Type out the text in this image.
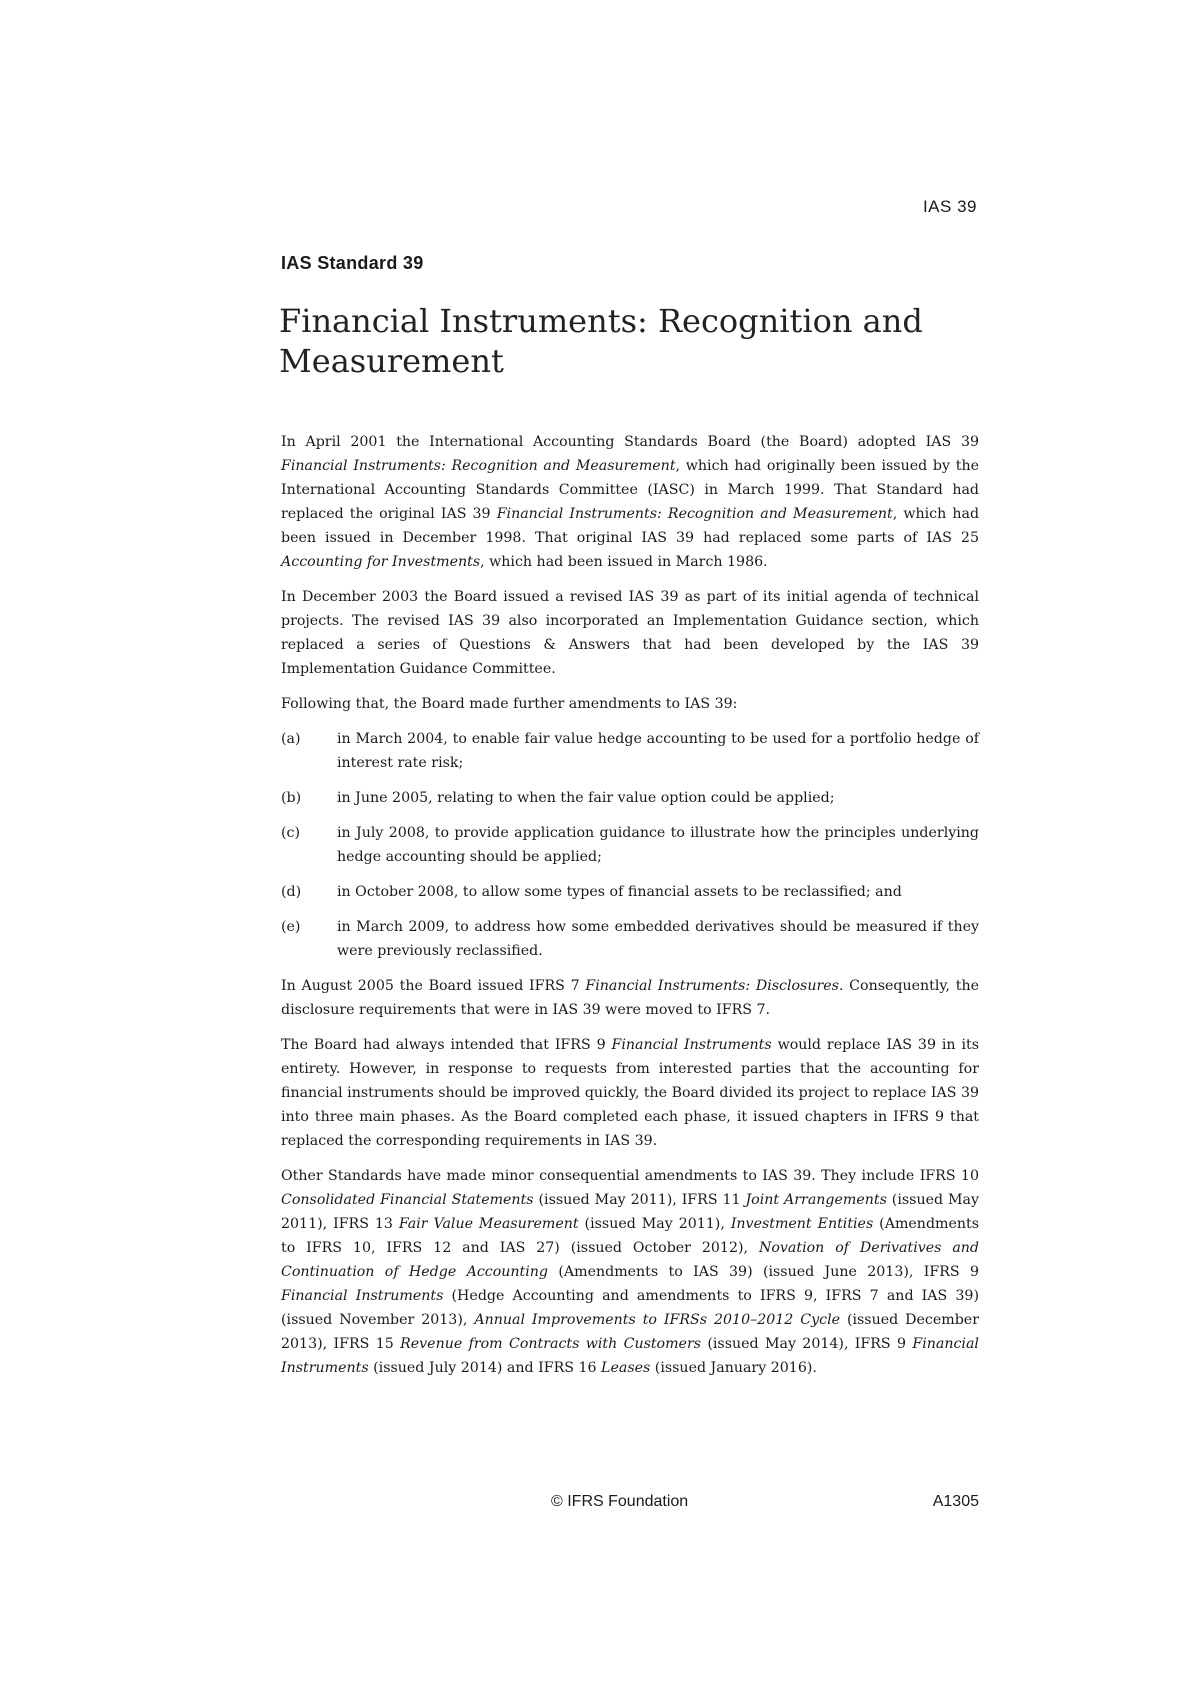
IAS 39
IAS Standard 39
Financial Instruments: Recognition and Measurement

In April 2001 the International Accounting Standards Board (the Board) adopted IAS 39 Financial Instruments: Recognition and Measurement, which had originally been issued by the International Accounting Standards Committee (IASC) in March 1999. That Standard had replaced the original IAS 39 Financial Instruments: Recognition and Measurement, which had been issued in December 1998. That original IAS 39 had replaced some parts of IAS 25 Accounting for Investments, which had been issued in March 1986.

In December 2003 the Board issued a revised IAS 39 as part of its initial agenda of technical projects. The revised IAS 39 also incorporated an Implementation Guidance section, which replaced a series of Questions & Answers that had been developed by the IAS 39 Implementation Guidance Committee.

Following that, the Board made further amendments to IAS 39:

(a)	in March 2004, to enable fair value hedge accounting to be used for a portfolio hedge of interest rate risk;
(b)	in June 2005, relating to when the fair value option could be applied;
(c)	in July 2008, to provide application guidance to illustrate how the principles underlying hedge accounting should be applied;
(d)	in October 2008, to allow some types of financial assets to be reclassified; and
(e)	in March 2009, to address how some embedded derivatives should be measured if they were previously reclassified.

In August 2005 the Board issued IFRS 7 Financial Instruments: Disclosures. Consequently, the disclosure requirements that were in IAS 39 were moved to IFRS 7.

The Board had always intended that IFRS 9 Financial Instruments would replace IAS 39 in its entirety. However, in response to requests from interested parties that the accounting for financial instruments should be improved quickly, the Board divided its project to replace IAS 39 into three main phases. As the Board completed each phase, it issued chapters in IFRS 9 that replaced the corresponding requirements in IAS 39.

Other Standards have made minor consequential amendments to IAS 39. They include IFRS 10 Consolidated Financial Statements (issued May 2011), IFRS 11 Joint Arrangements (issued May 2011), IFRS 13 Fair Value Measurement (issued May 2011), Investment Entities (Amendments to IFRS 10, IFRS 12 and IAS 27) (issued October 2012), Novation of Derivatives and Continuation of Hedge Accounting (Amendments to IAS 39) (issued June 2013), IFRS 9 Financial Instruments (Hedge Accounting and amendments to IFRS 9, IFRS 7 and IAS 39) (issued November 2013), Annual Improvements to IFRSs 2010–2012 Cycle (issued December 2013), IFRS 15 Revenue from Contracts with Customers (issued May 2014), IFRS 9 Financial Instruments (issued July 2014) and IFRS 16 Leases (issued January 2016).

© IFRS Foundation	A1305
